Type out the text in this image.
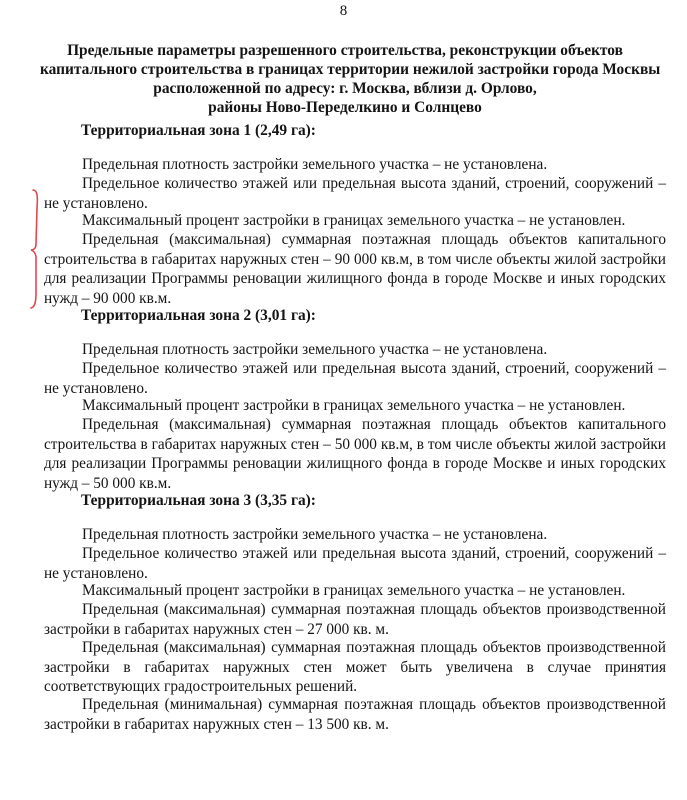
8
Предельные параметры разрешенного строительства, реконструкции объектов
капитального строительства в границах территории нежилой застройки города Москвы
расположенной по адресу: г. Москва, вблизи д. Орлово,
районы Ново-Переделкино и Солнцево

Территориальная зона 1 (2,49 га):

Предельная плотность застройки земельного участка – не установлена.

Предельное количество этажей или предельная высота зданий, строений, сооружений – не установлено.

Максимальный процент застройки в границах земельного участка – не установлен.

Предельная (максимальная) суммарная поэтажная площадь объектов капитального строительства в габаритах наружных стен – 90 000 кв.м, в том числе объекты жилой застройки для реализации Программы реновации жилищного фонда в городе Москве и иных городских нужд – 90 000 кв.м.

Территориальная зона 2 (3,01 га):

Предельная плотность застройки земельного участка – не установлена.

Предельное количество этажей или предельная высота зданий, строений, сооружений – не установлено.

Максимальный процент застройки в границах земельного участка – не установлен.

Предельная (максимальная) суммарная поэтажная площадь объектов капитального строительства в габаритах наружных стен – 50 000 кв.м, в том числе объекты жилой застройки для реализации Программы реновации жилищного фонда в городе Москве и иных городских нужд – 50 000 кв.м.

Территориальная зона 3 (3,35 га):

Предельная плотность застройки земельного участка – не установлена.

Предельное количество этажей или предельная высота зданий, строений, сооружений – не установлено.

Максимальный процент застройки в границах земельного участка – не установлен.

Предельная (максимальная) суммарная поэтажная площадь объектов производственной застройки в габаритах наружных стен – 27 000 кв. м.

Предельная (максимальная) суммарная поэтажная площадь объектов производственной застройки в габаритах наружных стен может быть увеличена в случае принятия соответствующих градостроительных решений.

Предельная (минимальная) суммарная поэтажная площадь объектов производственной застройки в габаритах наружных стен – 13 500 кв. м.
